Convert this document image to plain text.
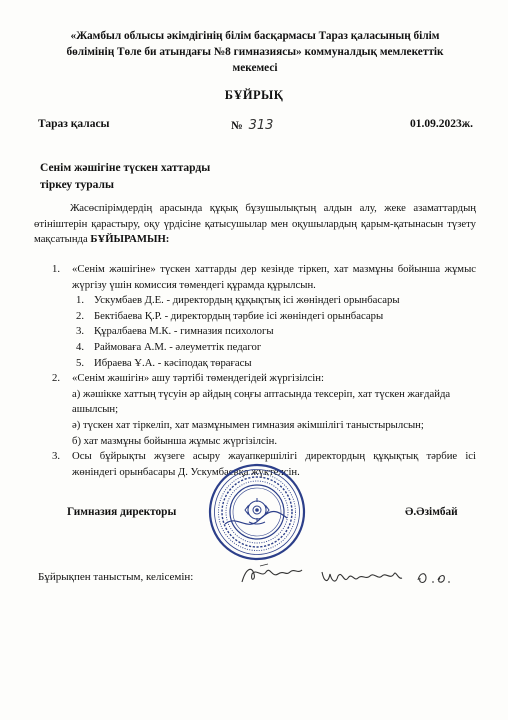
«Жамбыл облысы әкімдігінің білім басқармасы Тараз қаласының білім
бөлімінің Төле би атындағы №8 гимназиясы» коммуналдық мемлекеттік
мекемесі
БҰЙРЫҚ
Тараз қаласы	№ 313	01.09.2023ж.
Сенім жәшігіне түскен хаттарды
тіркеу туралы
Жасөспірімдердің арасында құқық бұзушылықтың алдын алу, жеке азаматтардың өтініштерін қарастыру, оқу үрдісіне қатысушылар мен оқушылардың қарым-қатынасын түзету мақсатында БҰЙЫРАМЫН:
1. «Сенім жәшігіне» түскен хаттарды дер кезінде тіркеп, хат мазмұны бойынша жұмыс жүргізу үшін комиссия төмендегі құрамда құрылсын.
1. Ускумбаев Д.Е. - директордың құқықтық ісі жөніндегі орынбасары
2. Бектібаева Қ.Р. - директордың тәрбие ісі жөніндегі орынбасары
3. Құралбаева М.К. - гимназия психологы
4. Раймоваға А.М. - әлеуметтік педагог
5. Ибраева Ұ.А. - кәсіподақ төрағасы
2. «Сенім жәшігін» ашу тәртібі төмендегідей жүргізілсін:
а) жәшікке хаттың түсуін әр айдың соңғы аптасында тексеріп, хат түскен жағдайда ашылсын;
ә) түскен хат тіркеліп, хат мазмұнымен гимназия әкімшілігі таныстырылсын;
б) хат мазмұны бойынша жұмыс жүргізілсін.
3. Осы бұйрықты жүзеге асыру жауапкершілігі директордың құқықтық тәрбие ісі жөніндегі орынбасары Д. Ускумбаевқа жүктелсін.
Гимназия директоры	Ә.Әзімбай
Бұйрықпен таныстым, келісемін:
